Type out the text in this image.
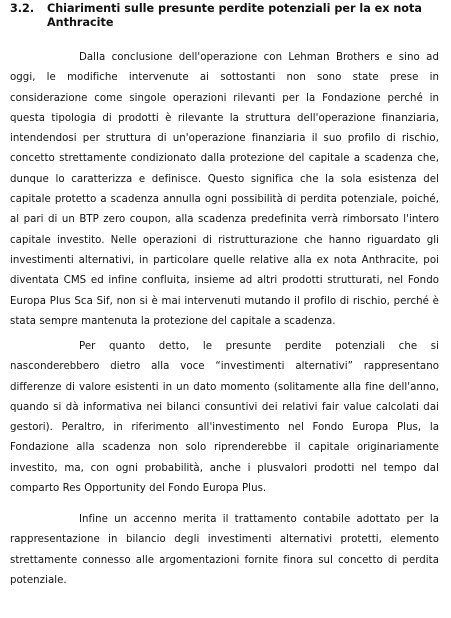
3.2. Chiarimenti sulle presunte perdite potenziali per la ex nota Anthracite

Dalla conclusione dell'operazione con Lehman Brothers e sino ad oggi, le modifiche intervenute ai sottostanti non sono state prese in considerazione come singole operazioni rilevanti per la Fondazione perché in questa tipologia di prodotti è rilevante la struttura dell'operazione finanziaria, intendendosi per struttura di un'operazione finanziaria il suo profilo di rischio, concetto strettamente condizionato dalla protezione del capitale a scadenza che, dunque lo caratterizza e definisce. Questo significa che la sola esistenza del capitale protetto a scadenza annulla ogni possibilità di perdita potenziale, poiché, al pari di un BTP zero coupon, alla scadenza predefinita verrà rimborsato l'intero capitale investito. Nelle operazioni di ristrutturazione che hanno riguardato gli investimenti alternativi, in particolare quelle relative alla ex nota Anthracite, poi diventata CMS ed infine confluita, insieme ad altri prodotti strutturati, nel Fondo Europa Plus Sca Sif, non si è mai intervenuti mutando il profilo di rischio, perché è stata sempre mantenuta la protezione del capitale a scadenza.

Per quanto detto, le presunte perdite potenziali che si nasconderebbero dietro alla voce “investimenti alternativi” rappresentano differenze di valore esistenti in un dato momento (solitamente alla fine dell'anno, quando si dà informativa nei bilanci consuntivi dei relativi fair value calcolati dai gestori). Peraltro, in riferimento all'investimento nel Fondo Europa Plus, la Fondazione alla scadenza non solo riprenderebbe il capitale originariamente investito, ma, con ogni probabilità, anche i plusvalori prodotti nel tempo dal comparto Res Opportunity del Fondo Europa Plus.

Infine un accenno merita il trattamento contabile adottato per la rappresentazione in bilancio degli investimenti alternativi protetti, elemento strettamente connesso alle argomentazioni fornite finora sul concetto di perdita potenziale.
